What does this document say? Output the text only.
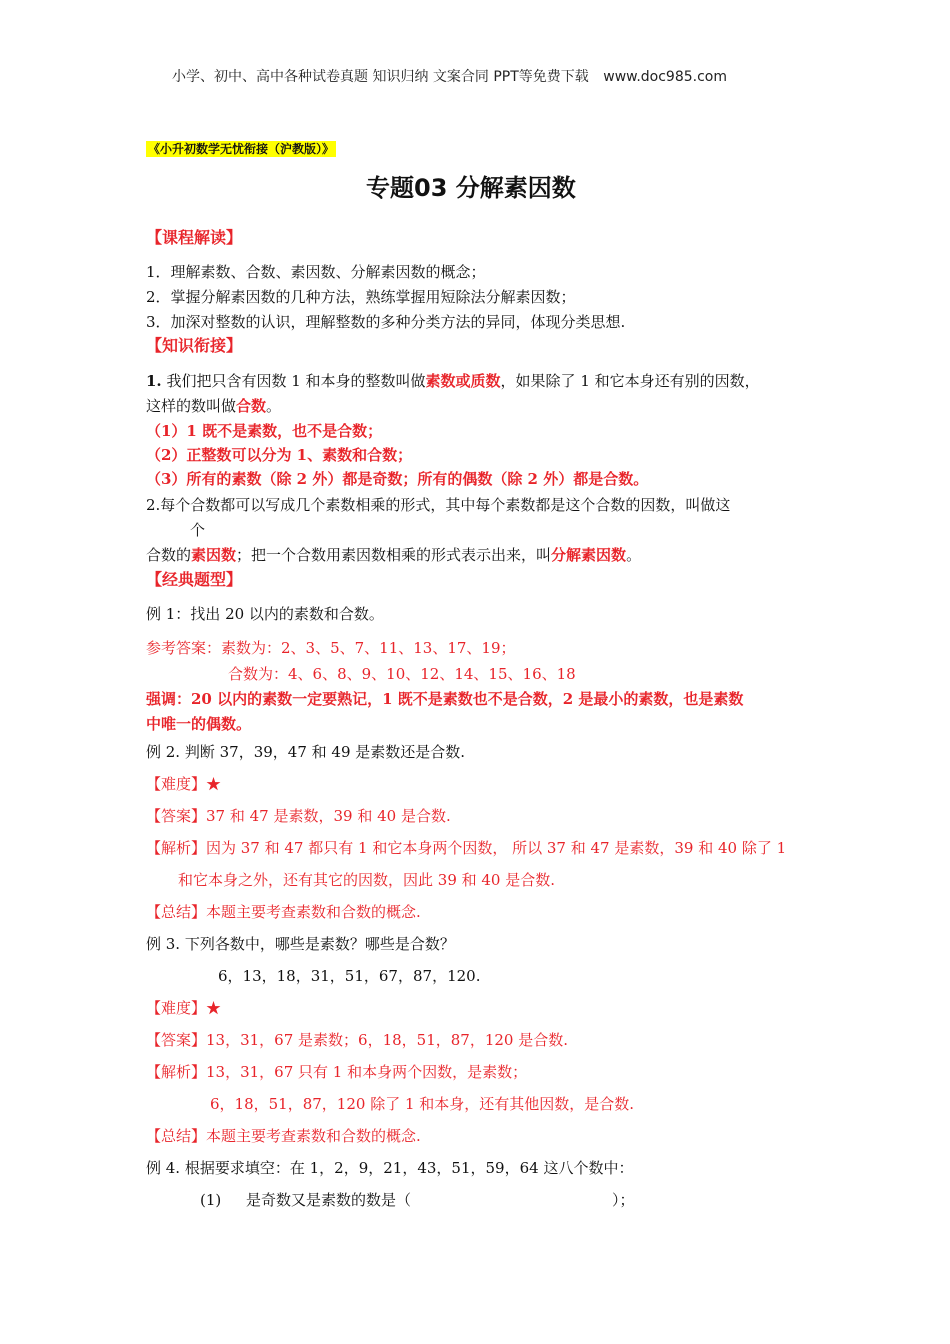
小学、初中、高中各种试卷真题 知识归纳 文案合同 PPT等免费下载 www.doc985.com
《小升初数学无忧衔接（沪教版）》
专题03 分解素因数
【课程解读】
1．理解素数、合数、素因数、分解素因数的概念；
2．掌握分解素因数的几种方法，熟练掌握用短除法分解素因数；
3．加深对整数的认识，理解整数的多种分类方法的异同，体现分类思想.
【知识衔接】
1. 我们把只含有因数 1 和本身的整数叫做素数或质数，如果除了 1 和它本身还有别的因数，
这样的数叫做合数。
（1）1 既不是素数，也不是合数；
（2）正整数可以分为 1、素数和合数；
（3）所有的素数（除 2 外）都是奇数；所有的偶数（除 2 外）都是合数。
2.每个合数都可以写成几个素数相乘的形式，其中每个素数都是这个合数的因数，叫做这
个
合数的素因数；把一个合数用素因数相乘的形式表示出来，叫分解素因数。
【经典题型】
例 1：找出 20 以内的素数和合数。
参考答案：素数为：2、3、5、7、11、13、17、19；
合数为：4、6、8、9、10、12、14、15、16、18
强调：20 以内的素数一定要熟记，1 既不是素数也不是合数，2 是最小的素数，也是素数
中唯一的偶数。
例 2. 判断 37，39，47 和 49 是素数还是合数.
【难度】★
【答案】37 和 47 是素数，39 和 40 是合数.
【解析】因为 37 和 47 都只有 1 和它本身两个因数， 所以 37 和 47 是素数，39 和 40 除了 1
和它本身之外，还有其它的因数，因此 39 和 40 是合数.
【总结】本题主要考查素数和合数的概念.
例 3. 下列各数中，哪些是素数？哪些是合数？
6，13，18，31，51，67，87，120.
【难度】★
【答案】13，31，67 是素数；6，18，51，87，120 是合数.
【解析】13，31，67 只有 1 和本身两个因数，是素数；
6，18，51，87，120 除了 1 和本身，还有其他因数，是合数.
【总结】本题主要考查素数和合数的概念.
例 4. 根据要求填空：在 1，2，9，21，43，51，59，64 这八个数中：
(1) 是奇数又是素数的数是（	）；
